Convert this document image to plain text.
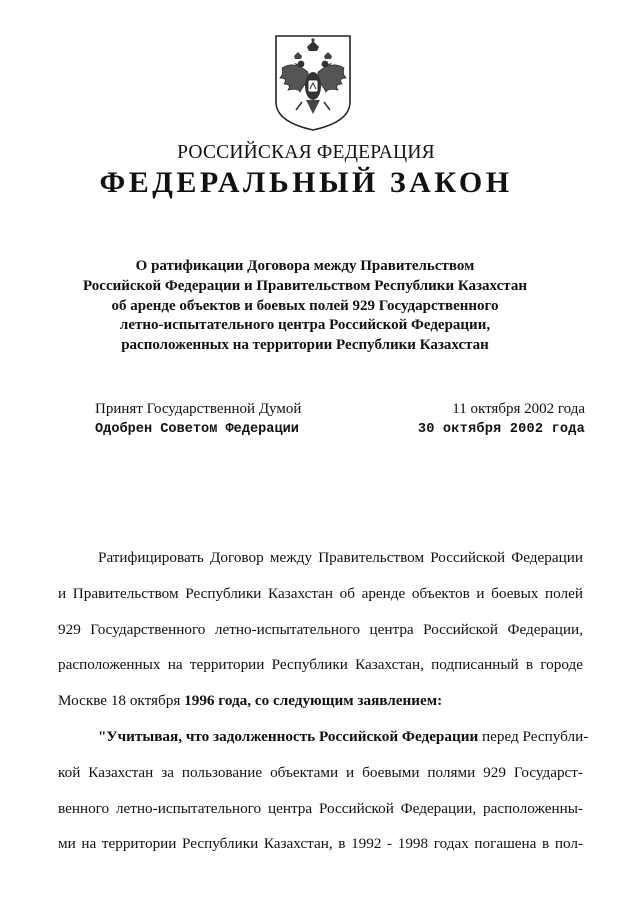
РОССИЙСКАЯ ФЕДЕРАЦИЯ
ФЕДЕРАЛЬНЫЙ ЗАКОН
О ратификации Договора между Правительством
Российской Федерации и Правительством Республики Казахстан
об аренде объектов и боевых полей 929 Государственного
летно-испытательного центра Российской Федерации,
расположенных на территории Республики Казахстан
Принят Государственной Думой	11 октября 2002 года
Одобрен Советом Федерации	30 октября 2002 года
Ратифицировать Договор между Правительством Российской Федерации
и Правительством Республики Казахстан об аренде объектов и боевых полей
929 Государственного летно-испытательного центра Российской Федерации,
расположенных на территории Республики Казахстан, подписанный в городе
Москве 18 октября 1996 года, со следующим заявлением:
"Учитывая, что задолженность Российской Федерации перед Республи-
кой Казахстан за пользование объектами и боевыми полями 929 Государст-
венного летно-испытательного центра Российской Федерации, расположенны-
ми на территории Республики Казахстан, в 1992 - 1998 годах погашена в пол-
